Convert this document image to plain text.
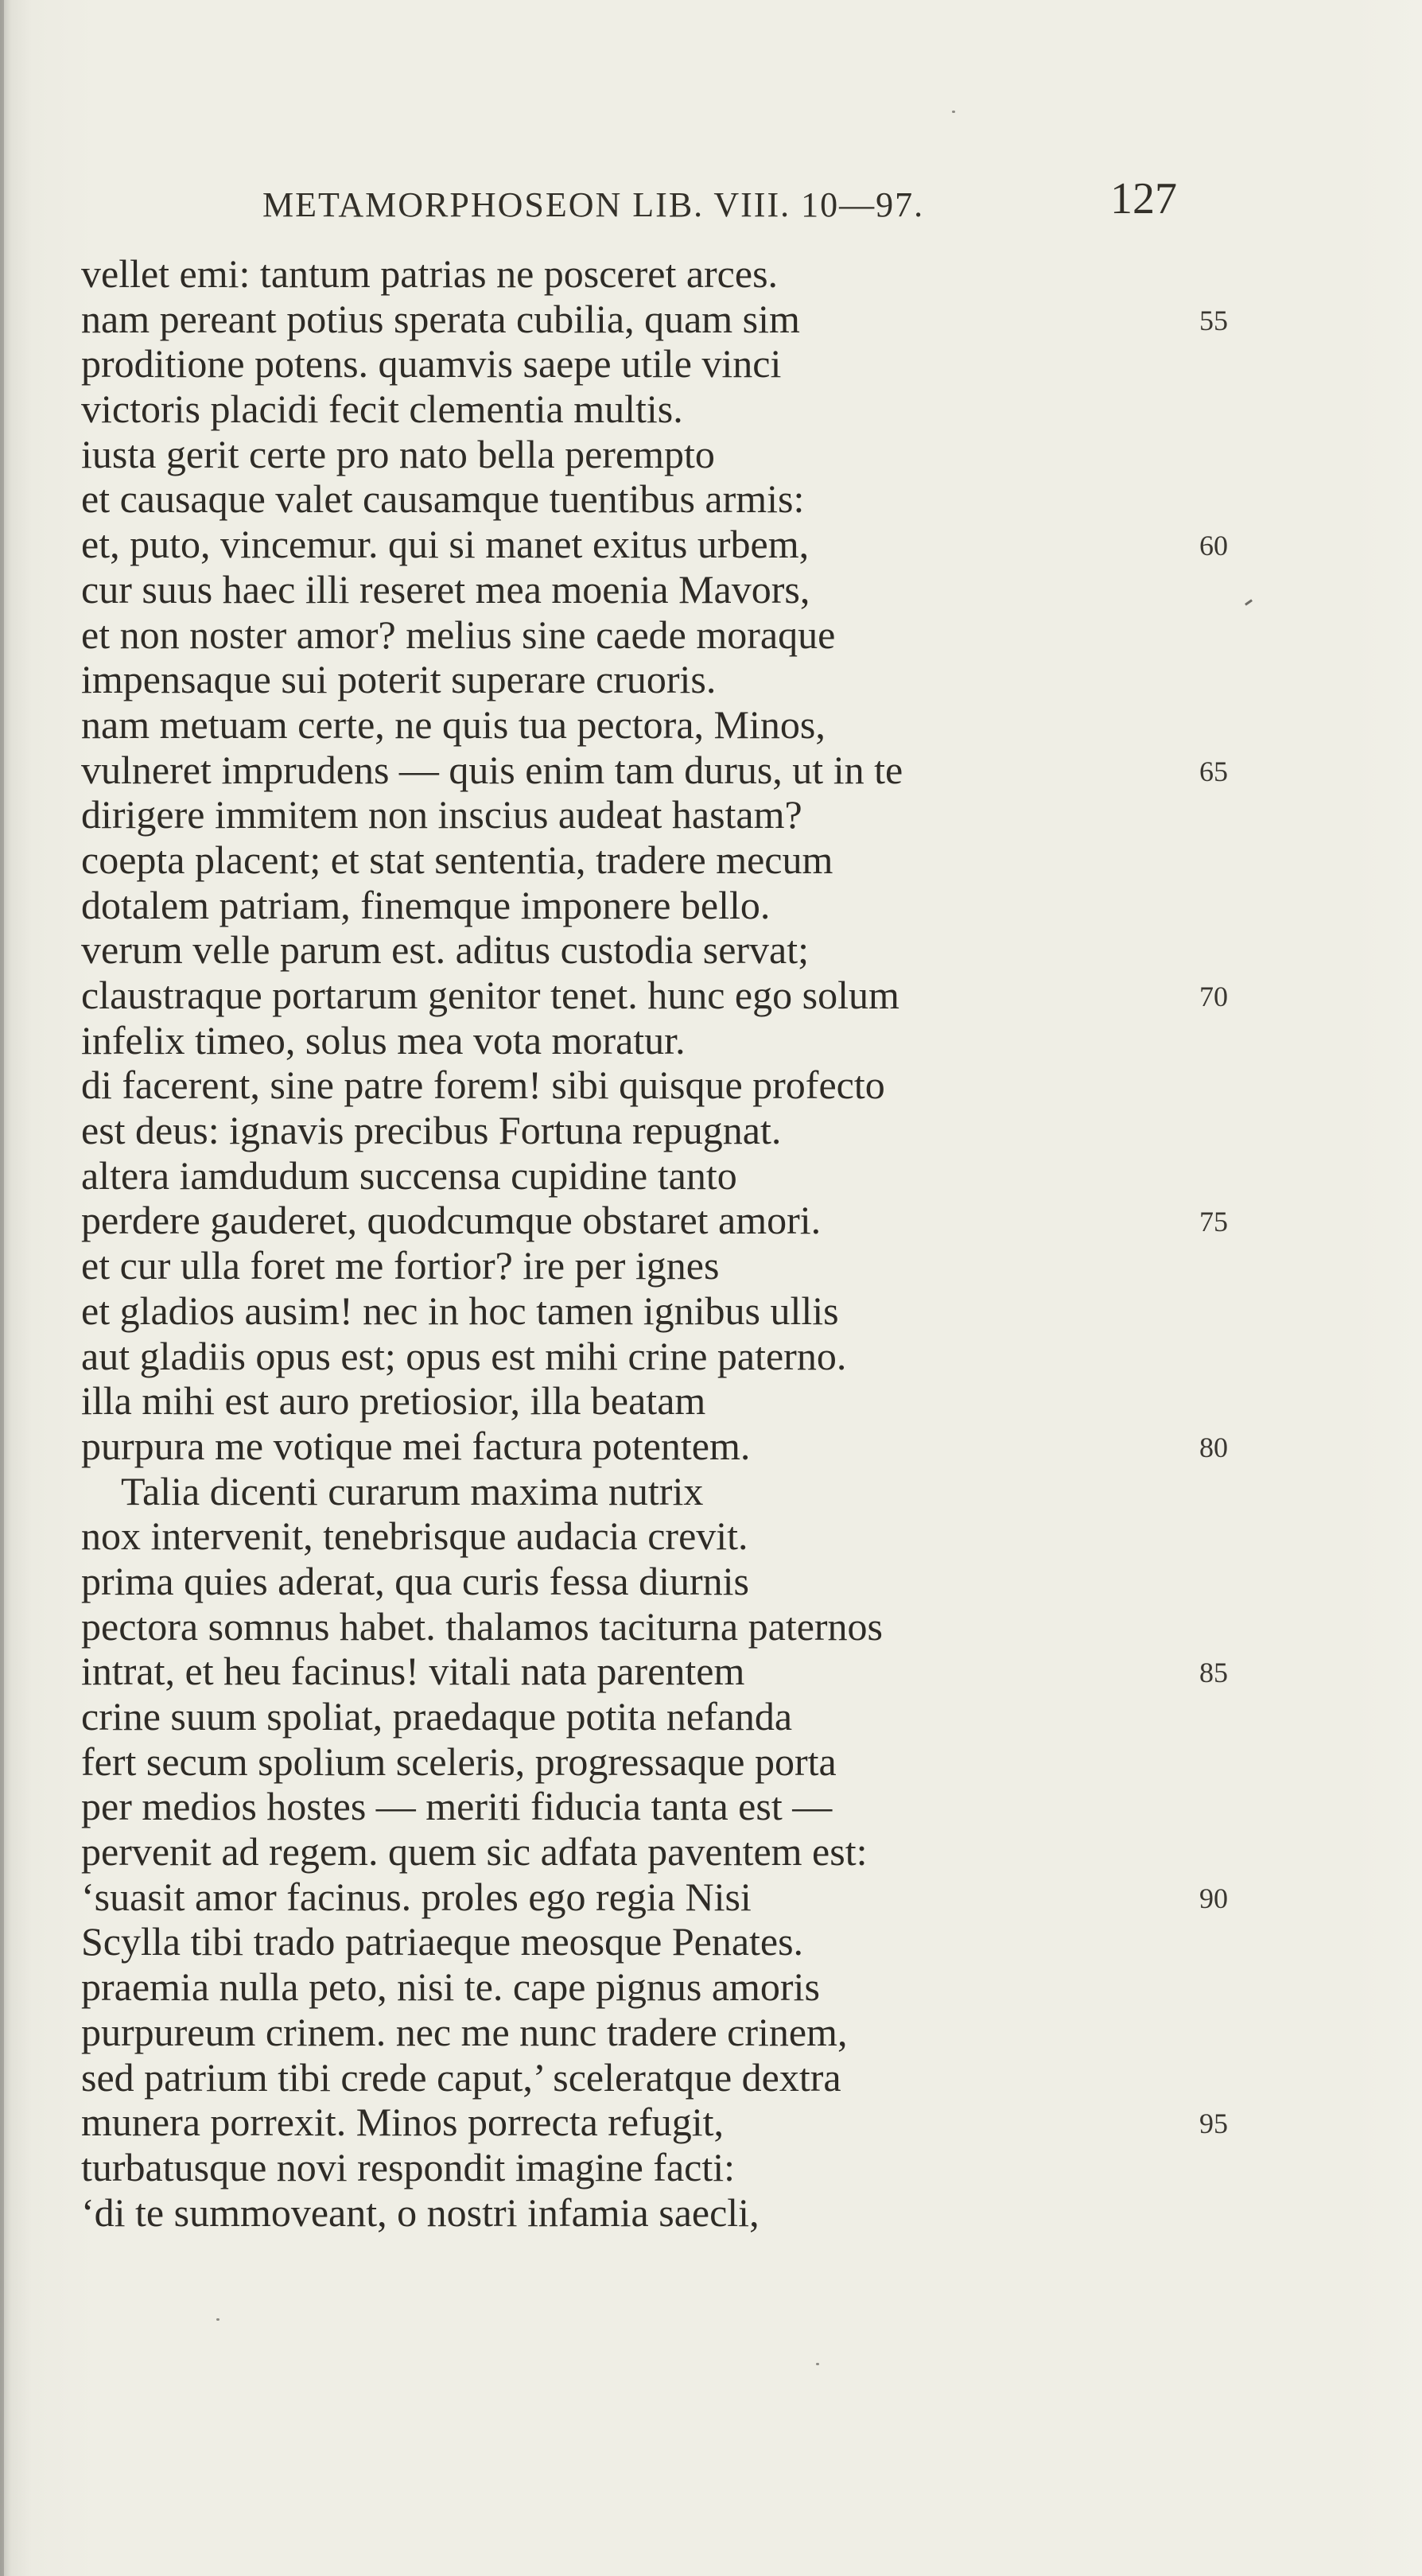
METAMORPHOSEON LIB. VIII. 10—97.	127
vellet emi: tantum patrias ne posceret arces.
nam pereant potius sperata cubilia, quam sim	55
proditione potens. quamvis saepe utile vinci
victoris placidi fecit clementia multis.
iusta gerit certe pro nato bella perempto
et causaque valet causamque tuentibus armis:
et, puto, vincemur. qui si manet exitus urbem,	60
cur suus haec illi reseret mea moenia Mavors,
et non noster amor? melius sine caede moraque
impensaque sui poterit superare cruoris.
nam metuam certe, ne quis tua pectora, Minos,
vulneret imprudens — quis enim tam durus, ut in te	65
dirigere immitem non inscius audeat hastam?
coepta placent; et stat sententia, tradere mecum
dotalem patriam, finemque imponere bello.
verum velle parum est. aditus custodia servat;
claustraque portarum genitor tenet. hunc ego solum	70
infelix timeo, solus mea vota moratur.
di facerent, sine patre forem! sibi quisque profecto
est deus: ignavis precibus Fortuna repugnat.
altera iamdudum succensa cupidine tanto
perdere gauderet, quodcumque obstaret amori.	75
et cur ulla foret me fortior? ire per ignes
et gladios ausim! nec in hoc tamen ignibus ullis
aut gladiis opus est; opus est mihi crine paterno.
illa mihi est auro pretiosior, illa beatam
purpura me votique mei factura potentem.	80
Talia dicenti curarum maxima nutrix
nox intervenit, tenebrisque audacia crevit.
prima quies aderat, qua curis fessa diurnis
pectora somnus habet. thalamos taciturna paternos
intrat, et heu facinus! vitali nata parentem	85
crine suum spoliat, praedaque potita nefanda
fert secum spolium sceleris, progressaque porta
per medios hostes — meriti fiducia tanta est —
pervenit ad regem. quem sic adfata paventem est:
‘suasit amor facinus. proles ego regia Nisi	90
Scylla tibi trado patriaeque meosque Penates.
praemia nulla peto, nisi te. cape pignus amoris
purpureum crinem. nec me nunc tradere crinem,
sed patrium tibi crede caput,’ sceleratque dextra
munera porrexit. Minos porrecta refugit,	95
turbatusque novi respondit imagine facti:
‘di te summoveant, o nostri infamia saecli,
